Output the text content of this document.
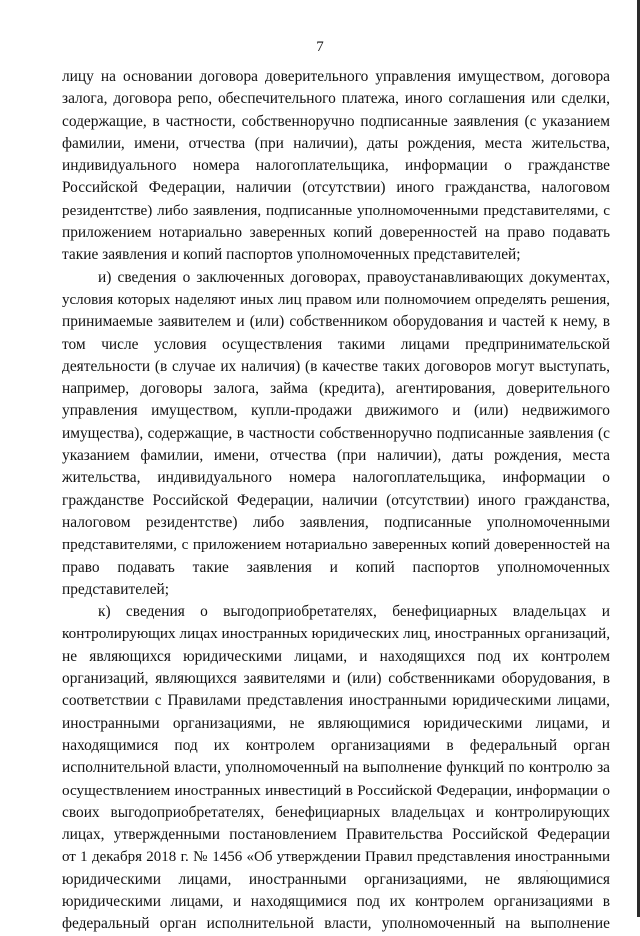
7
лицу на основании договора доверительного управления имуществом, договора
залога, договора репо, обеспечительного платежа, иного соглашения или сделки,
содержащие, в частности, собственноручно подписанные заявления (с указанием
фамилии, имени, отчества (при наличии), даты рождения, места жительства,
индивидуального номера налогоплательщика, информации о гражданстве
Российской Федерации, наличии (отсутствии) иного гражданства, налоговом
резидентстве) либо заявления, подписанные уполномоченными представителями, с
приложением нотариально заверенных копий доверенностей на право подавать
такие заявления и копий паспортов уполномоченных представителей;
и) сведения о заключенных договорах, правоустанавливающих документах,
условия которых наделяют иных лиц правом или полномочием определять решения,
принимаемые заявителем и (или) собственником оборудования и частей к нему, в
том числе условия осуществления такими лицами предпринимательской
деятельности (в случае их наличия) (в качестве таких договоров могут выступать,
например, договоры залога, займа (кредита), агентирования, доверительного
управления имуществом, купли-продажи движимого и (или) недвижимого
имущества), содержащие, в частности собственноручно подписанные заявления (с
указанием фамилии, имени, отчества (при наличии), даты рождения, места
жительства, индивидуального номера налогоплательщика, информации о
гражданстве Российской Федерации, наличии (отсутствии) иного гражданства,
налоговом резидентстве) либо заявления, подписанные уполномоченными
представителями, с приложением нотариально заверенных копий доверенностей на
право подавать такие заявления и копий паспортов уполномоченных
представителей;
к) сведения о выгодоприобретателях, бенефициарных владельцах и
контролирующих лицах иностранных юридических лиц, иностранных организаций,
не являющихся юридическими лицами, и находящихся под их контролем
организаций, являющихся заявителями и (или) собственниками оборудования, в
соответствии с Правилами представления иностранными юридическими лицами,
иностранными организациями, не являющимися юридическими лицами, и
находящимися под их контролем организациями в федеральный орган
исполнительной власти, уполномоченный на выполнение функций по контролю за
осуществлением иностранных инвестиций в Российской Федерации, информации о
своих выгодоприобретателях, бенефициарных владельцах и контролирующих
лицах, утвержденными постановлением Правительства Российской Федерации
от 1 декабря 2018 г. № 1456 «Об утверждении Правил представления иностранными
юридическими лицами, иностранными организациями, не являющимися
юридическими лицами, и находящимися под их контролем организациями в
федеральный орган исполнительной власти, уполномоченный на выполнение
,
